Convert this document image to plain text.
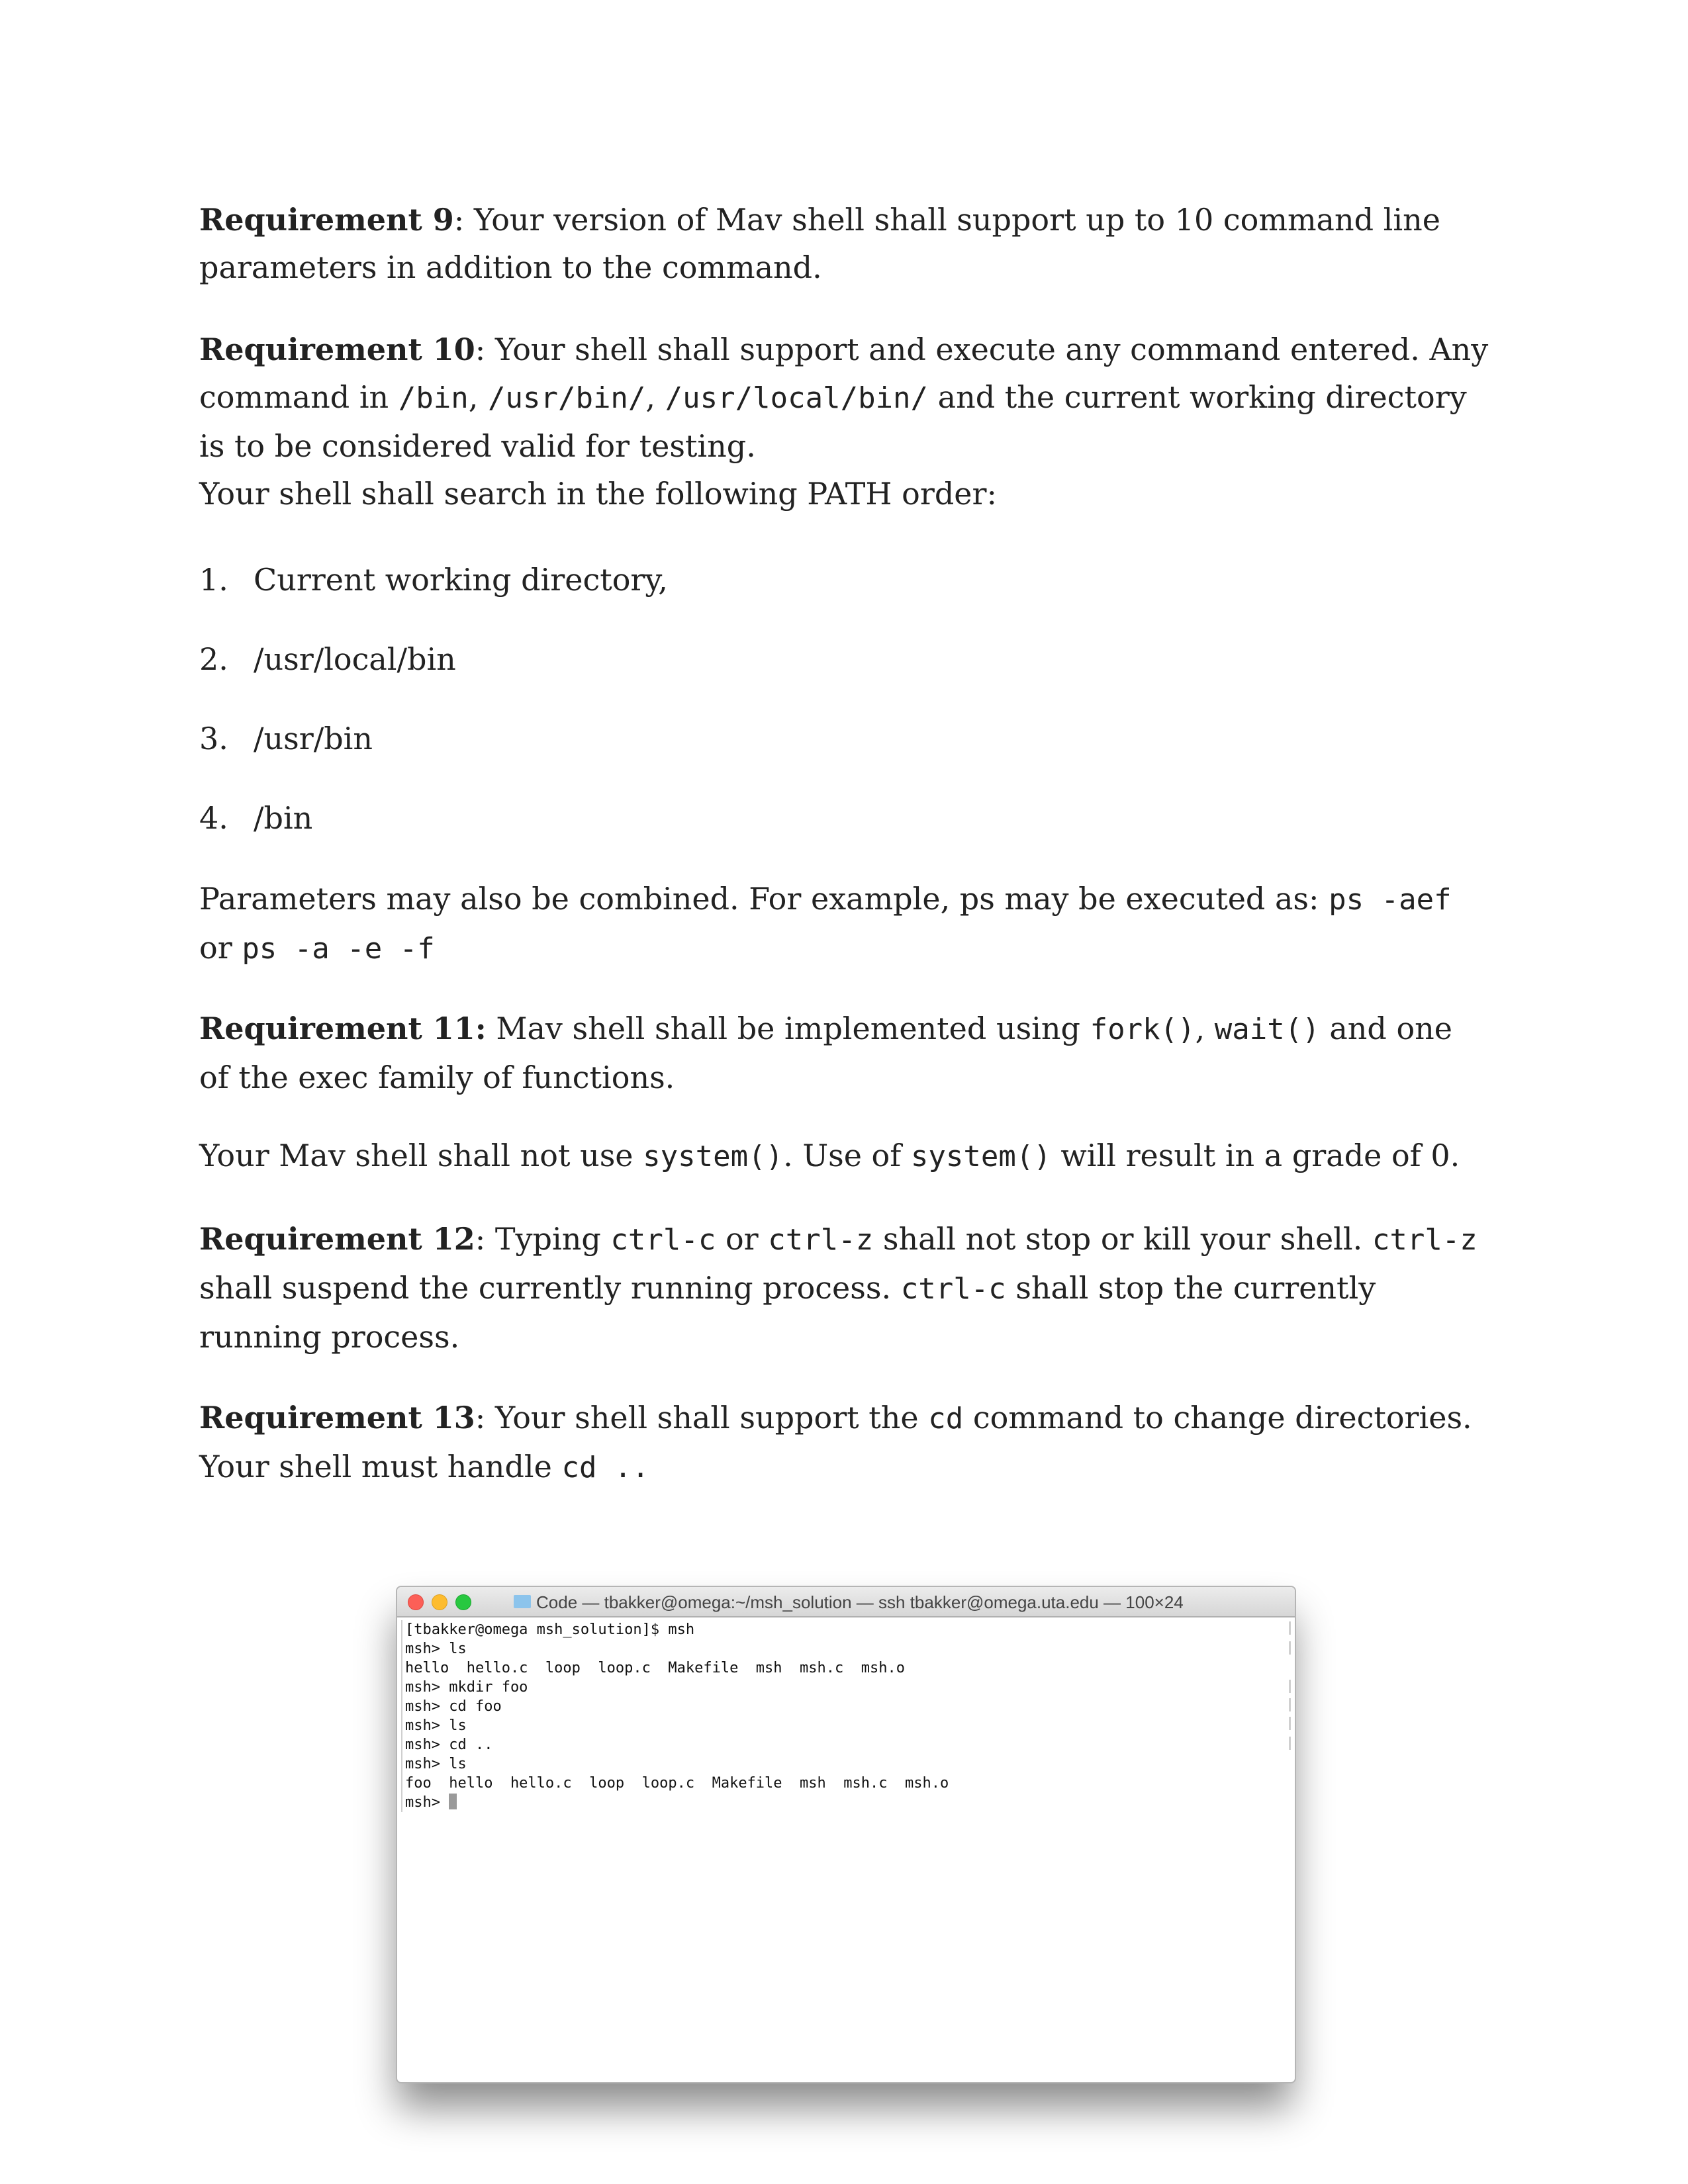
Requirement 9: Your version of Mav shell shall support up to 10 command line parameters in addition to the command.

Requirement 10: Your shell shall support and execute any command entered. Any command in /bin, /usr/bin/, /usr/local/bin/ and the current working directory is to be considered valid for testing.
Your shell shall search in the following PATH order:

1. Current working directory,
2. /usr/local/bin
3. /usr/bin
4. /bin

Parameters may also be combined. For example, ps may be executed as: ps -aef or ps -a -e -f

Requirement 11: Mav shell shall be implemented using fork(), wait() and one of the exec family of functions.

Your Mav shell shall not use system(). Use of system() will result in a grade of 0.

Requirement 12: Typing ctrl-c or ctrl-z shall not stop or kill your shell. ctrl-z shall suspend the currently running process. ctrl-c shall stop the currently running process.

Requirement 13: Your shell shall support the cd command to change directories. Your shell must handle cd ..

Code — tbakker@omega:~/msh_solution — ssh tbakker@omega.uta.edu — 100×24
[tbakker@omega msh_solution]$ msh
msh> ls
hello  hello.c  loop  loop.c  Makefile  msh  msh.c  msh.o
msh> mkdir foo
msh> cd foo
msh> ls
msh> cd ..
msh> ls
foo  hello  hello.c  loop  loop.c  Makefile  msh  msh.c  msh.o
msh>
